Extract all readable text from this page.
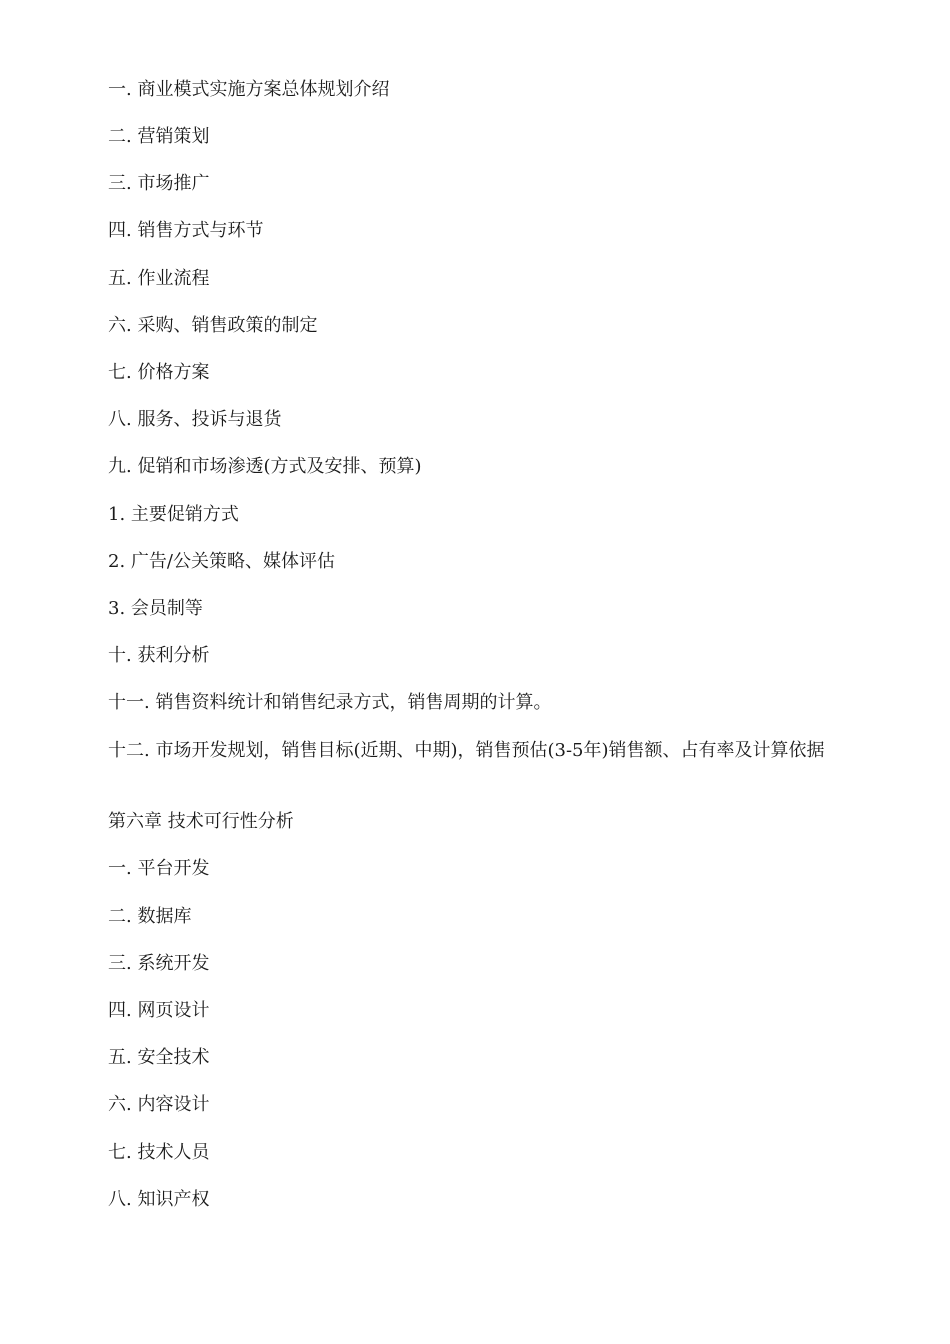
一. 商业模式实施方案总体规划介绍
二. 营销策划
三. 市场推广
四. 销售方式与环节
五. 作业流程
六. 采购、销售政策的制定
七. 价格方案
八. 服务、投诉与退货
九. 促销和市场渗透(方式及安排、预算)
1. 主要促销方式
2. 广告/公关策略、媒体评估
3. 会员制等
十. 获利分析
十一. 销售资料统计和销售纪录方式，销售周期的计算。
十二. 市场开发规划，销售目标(近期、中期)，销售预估(3-5年)销售额、占有率及计算依据
第六章 技术可行性分析
一. 平台开发
二. 数据库
三. 系统开发
四. 网页设计
五. 安全技术
六. 内容设计
七. 技术人员
八. 知识产权
